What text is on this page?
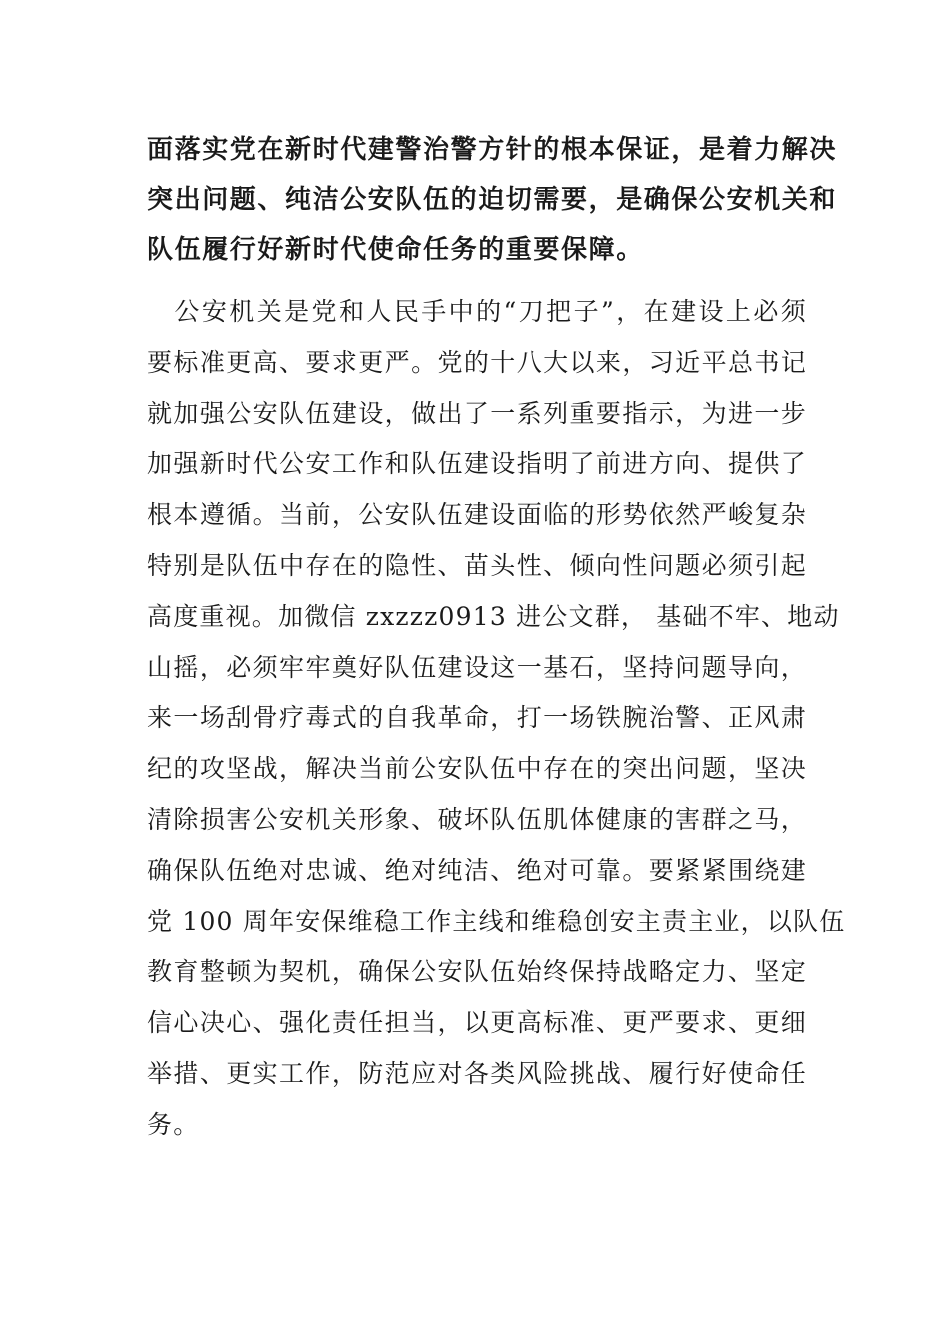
面落实党在新时代建警治警方针的根本保证，是着力解决
突出问题、纯洁公安队伍的迫切需要，是确保公安机关和
队伍履行好新时代使命任务的重要保障。
　公安机关是党和人民手中的“刀把子”，在建设上必须
要标准更高、要求更严。党的十八大以来，习近平总书记
就加强公安队伍建设，做出了一系列重要指示，为进一步
加强新时代公安工作和队伍建设指明了前进方向、提供了
根本遵循。当前，公安队伍建设面临的形势依然严峻复杂
特别是队伍中存在的隐性、苗头性、倾向性问题必须引起
高度重视。加微信 zxzzz0913 进公文群， 基础不牢、地动
山摇，必须牢牢奠好队伍建设这一基石，坚持问题导向，
来一场刮骨疗毒式的自我革命，打一场铁腕治警、正风肃
纪的攻坚战，解决当前公安队伍中存在的突出问题，坚决
清除损害公安机关形象、破坏队伍肌体健康的害群之马，
确保队伍绝对忠诚、绝对纯洁、绝对可靠。要紧紧围绕建
党 100 周年安保维稳工作主线和维稳创安主责主业，以队伍
教育整顿为契机，确保公安队伍始终保持战略定力、坚定
信心决心、强化责任担当，以更高标准、更严要求、更细
举措、更实工作，防范应对各类风险挑战、履行好使命任
务。
